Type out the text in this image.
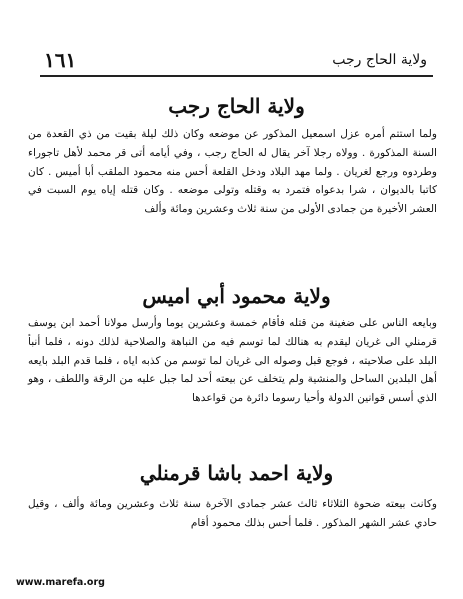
ولاية الحاج رجب
١٦١
ولاية الحاج رجب

ولما استتم أمره عزل اسمعيل المذكور عن موضعه وكان ذلك ليلة بقيت من ذي القعدة من السنة المذكورة . وولاه رجلا آخر يقال له الحاج رجب ، وفي أيامه أتى قر محمد لأهل تاجوراء وطردوه ورجع لغريان . ولما مهد البلاد ودخل القلعة أحس منه محمود الملقب أبا أميس . كان كاتبا بالديوان ، شرا بدعواه فتمرد به وقتله وتولى موضعه . وكان قتله إياه يوم السبت في العشر الأخيرة من جمادى الأولى من سنة ثلاث وعشرين ومائة وألف

ولاية محمود أبي اميس

وبايعه الناس على ضغينة من قتله فأقام خمسة وعشرين يوما وأرسل مولانا أحمد ابن يوسف قرمنلي الى غريان ليقدم به هنالك لما توسم فيه من النباهة والصلاحية لذلك دونه ، فلما أنبأ البلد على صلاحيته ، فوجع قبل وصوله الى غريان لما توسم من كذبه اياه ، فلما قدم البلد بايعه أهل البلدين الساحل والمنشية ولم يتخلف عن بيعته أحد لما جبل عليه من الرقة واللطف ، وهو الذي أسس قوانين الدولة وأحيا رسوما دائرة من قواعدها

ولاية احمد باشا قرمنلي

وكانت بيعته ضحوة الثلاثاء ثالث عشر جمادى الآخرة سنة ثلاث وعشرين ومائة وألف ، وقيل حادي عشر الشهر المذكور . فلما أحس بذلك محمود أقام

www.marefa.org
